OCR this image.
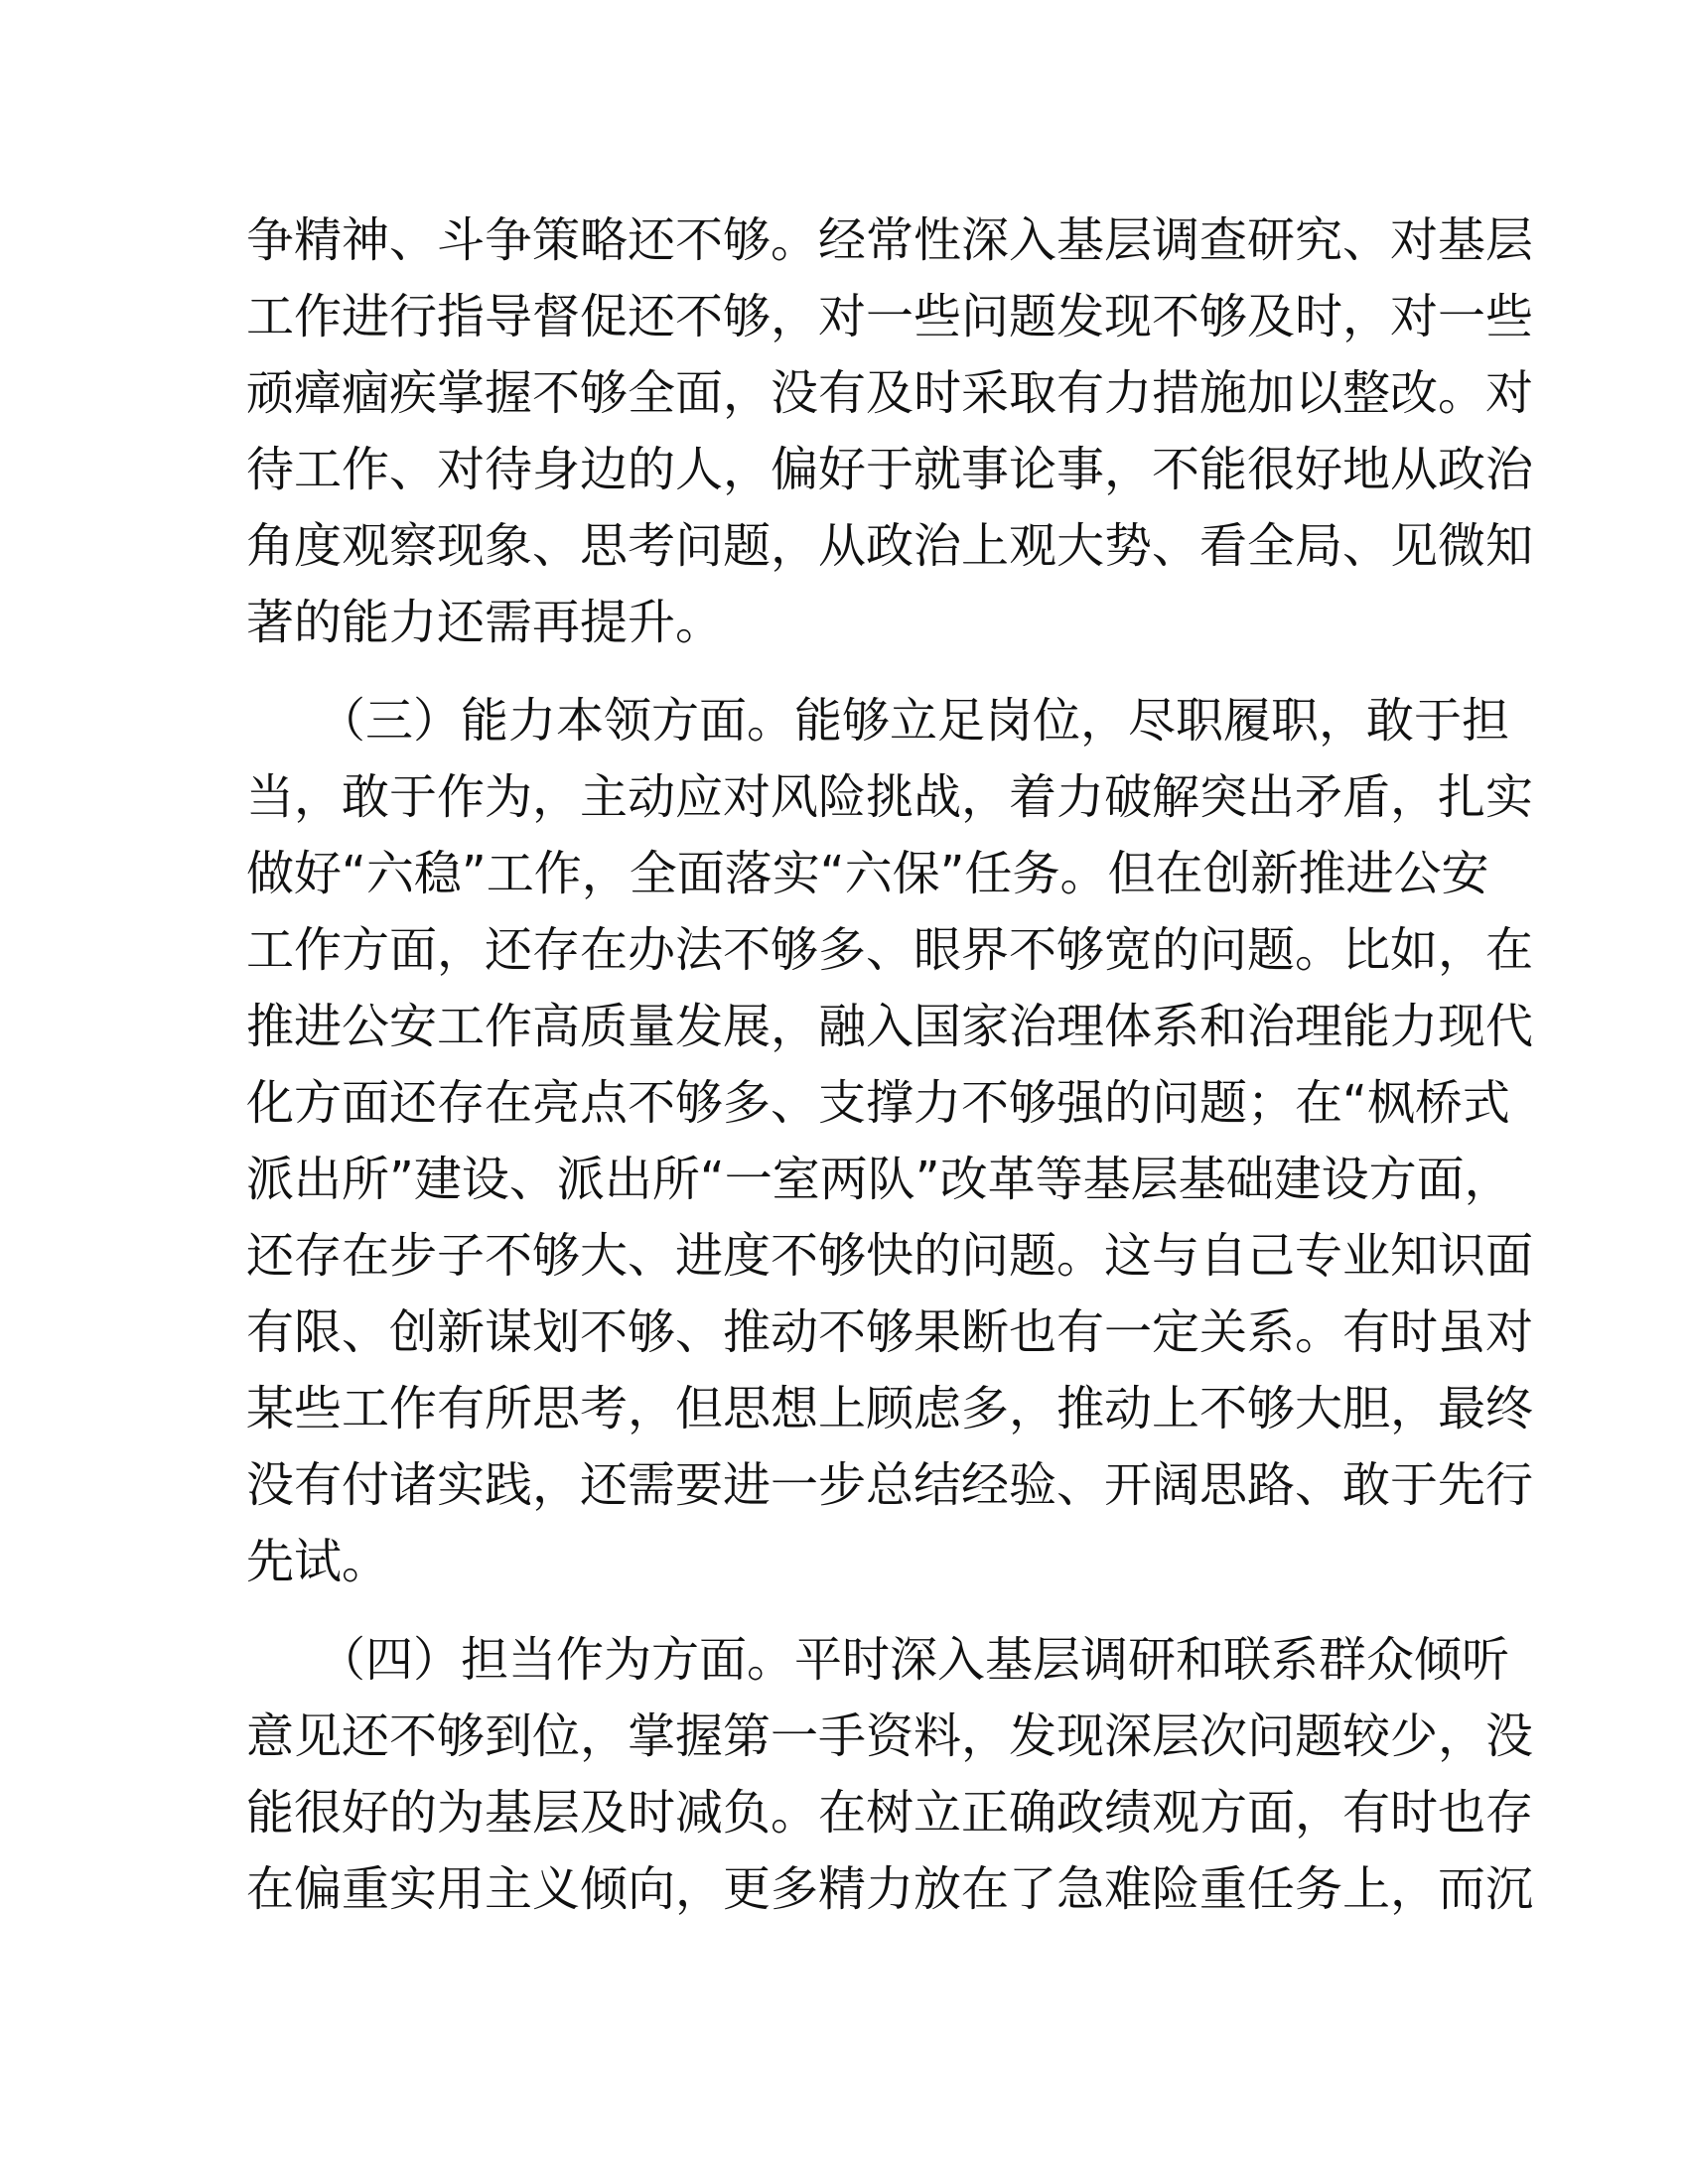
争精神、斗争策略还不够。经常性深入基层调查研究、对基层
工作进行指导督促还不够，对一些问题发现不够及时，对一些
顽瘴痼疾掌握不够全面，没有及时采取有力措施加以整改。对
待工作、对待身边的人，偏好于就事论事，不能很好地从政治
角度观察现象、思考问题，从政治上观大势、看全局、见微知
著的能力还需再提升。
　　（三）能力本领方面。能够立足岗位，尽职履职，敢于担
当，敢于作为，主动应对风险挑战，着力破解突出矛盾，扎实
做好“六稳”工作，全面落实“六保”任务。但在创新推进公安
工作方面，还存在办法不够多、眼界不够宽的问题。比如，在
推进公安工作高质量发展，融入国家治理体系和治理能力现代
化方面还存在亮点不够多、支撑力不够强的问题；在“枫桥式
派出所”建设、派出所“一室两队”改革等基层基础建设方面，
还存在步子不够大、进度不够快的问题。这与自己专业知识面
有限、创新谋划不够、推动不够果断也有一定关系。有时虽对
某些工作有所思考，但思想上顾虑多，推动上不够大胆，最终
没有付诸实践，还需要进一步总结经验、开阔思路、敢于先行
先试。
　　（四）担当作为方面。平时深入基层调研和联系群众倾听
意见还不够到位，掌握第一手资料，发现深层次问题较少，没
能很好的为基层及时减负。在树立正确政绩观方面，有时也存
在偏重实用主义倾向，更多精力放在了急难险重任务上，而沉
